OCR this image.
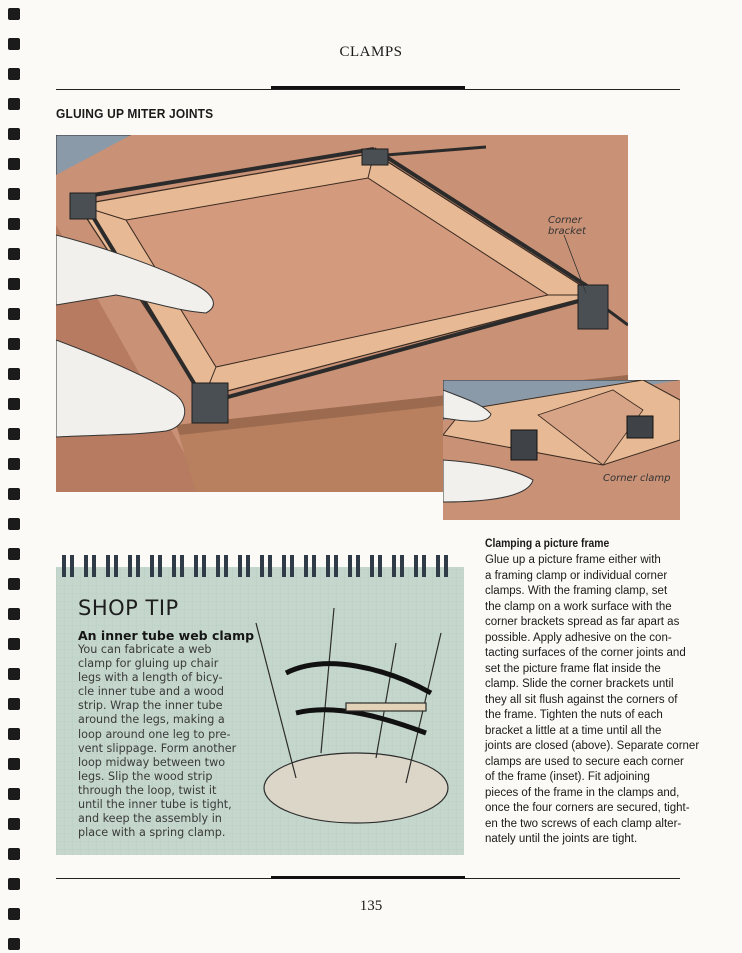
CLAMPS
GLUING UP MITER JOINTS
Corner
bracket
Corner clamp
SHOP TIP
An inner tube web clamp
You can fabricate a web
clamp for gluing up chair
legs with a length of bicy-
cle inner tube and a wood
strip. Wrap the inner tube
around the legs, making a
loop around one leg to pre-
vent slippage. Form another
loop midway between two
legs. Slip the wood strip
through the loop, twist it
until the inner tube is tight,
and keep the assembly in
place with a spring clamp.
Clamping a picture frame
Glue up a picture frame either with
a framing clamp or individual corner
clamps. With the framing clamp, set
the clamp on a work surface with the
corner brackets spread as far apart as
possible. Apply adhesive on the con-
tacting surfaces of the corner joints and
set the picture frame flat inside the
clamp. Slide the corner brackets until
they all sit flush against the corners of
the frame. Tighten the nuts of each
bracket a little at a time until all the
joints are closed (above). Separate corner
clamps are used to secure each corner
of the frame (inset). Fit adjoining
pieces of the frame in the clamps and,
once the four corners are secured, tight-
en the two screws of each clamp alter-
nately until the joints are tight.
135
